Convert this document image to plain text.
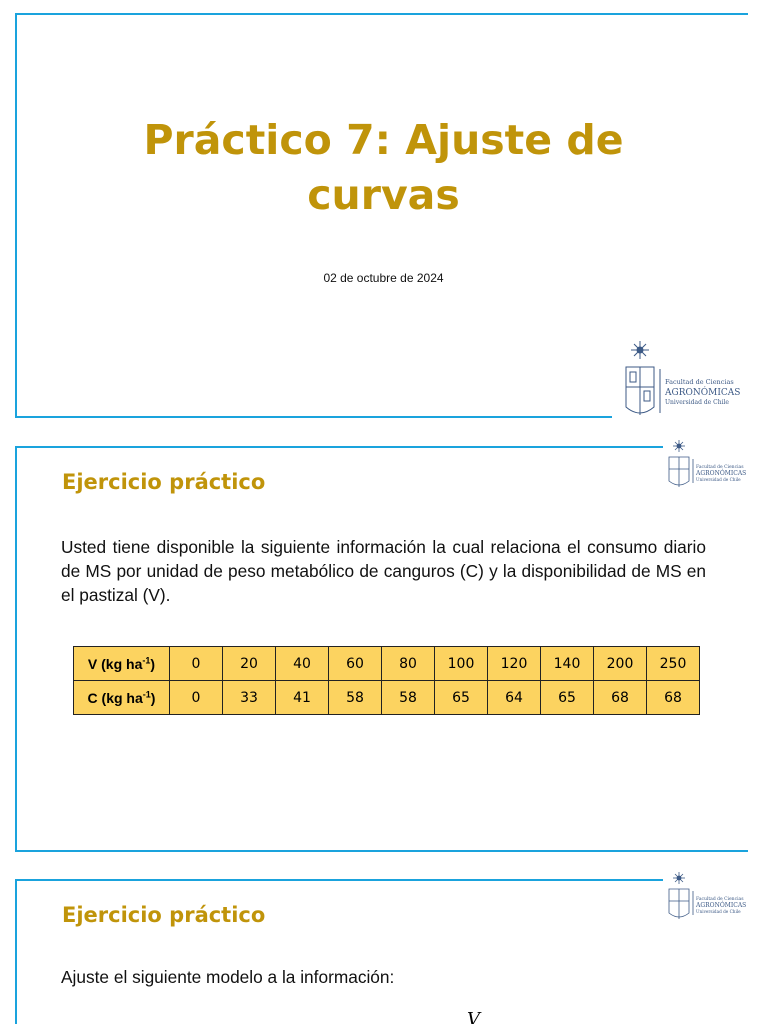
Práctico 7: Ajuste de
curvas
02 de octubre de 2024
Ejercicio práctico
Usted tiene disponible la siguiente información la cual relaciona el consumo diario de MS por unidad de peso metabólico de canguros (C) y la disponibilidad de MS en el pastizal (V).
V (kg $ha^{-1}$)	0	20	40	60	80	100	120	140	200	250
C (kg $ha^{-1}$)	0	33	41	58	58	65	64	65	68	68
Ejercicio práctico
Ajuste el siguiente modelo a la información:
V
Facultad de Ciencias
AGRONÓMICAS
Universidad de Chile
Facultad de Ciencias
AGRONÓMICAS
Universidad de Chile
Facultad de Ciencias
AGRONÓMICAS
Universidad de Chile
